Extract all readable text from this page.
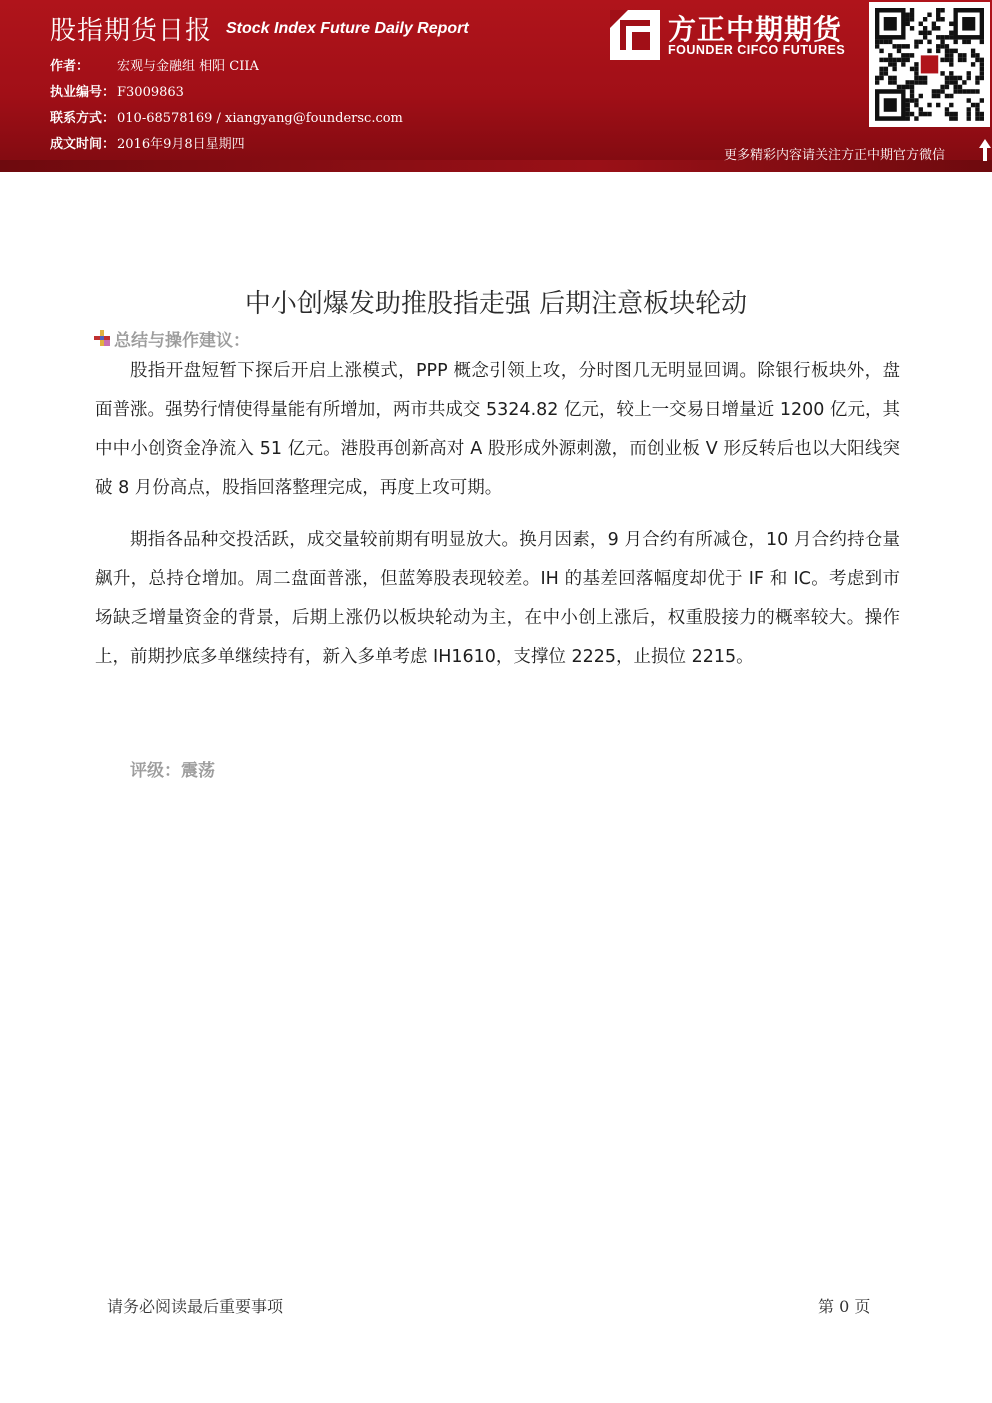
股指期货日报 Stock Index Future Daily Report
作者： 宏观与金融组 相阳 CIIA
执业编号： F3009863
联系方式： 010-68578169 / xiangyang@foundersc.com
成文时间： 2016年9月8日星期四
方正中期期货
FOUNDER CIFCO FUTURES
更多精彩内容请关注方正中期官方微信
中小创爆发助推股指走强 后期注意板块轮动
总结与操作建议：

股指开盘短暂下探后开启上涨模式，PPP 概念引领上攻，分时图几无明显回调。除银行板块外，盘面普涨。强势行情使得量能有所增加，两市共成交 5324.82 亿元，较上一交易日增量近 1200 亿元，其中中小创资金净流入 51 亿元。港股再创新高对 A 股形成外源刺激，而创业板 V 形反转后也以大阳线突破 8 月份高点，股指回落整理完成，再度上攻可期。

期指各品种交投活跃，成交量较前期有明显放大。换月因素，9 月合约有所减仓，10 月合约持仓量飙升，总持仓增加。周二盘面普涨，但蓝筹股表现较差。IH 的基差回落幅度却优于 IF 和 IC。考虑到市场缺乏增量资金的背景，后期上涨仍以板块轮动为主，在中小创上涨后，权重股接力的概率较大。操作上，前期抄底多单继续持有，新入多单考虑 IH1610，支撑位 2225，止损位 2215。

评级：震荡
请务必阅读最后重要事项	第 0 页
